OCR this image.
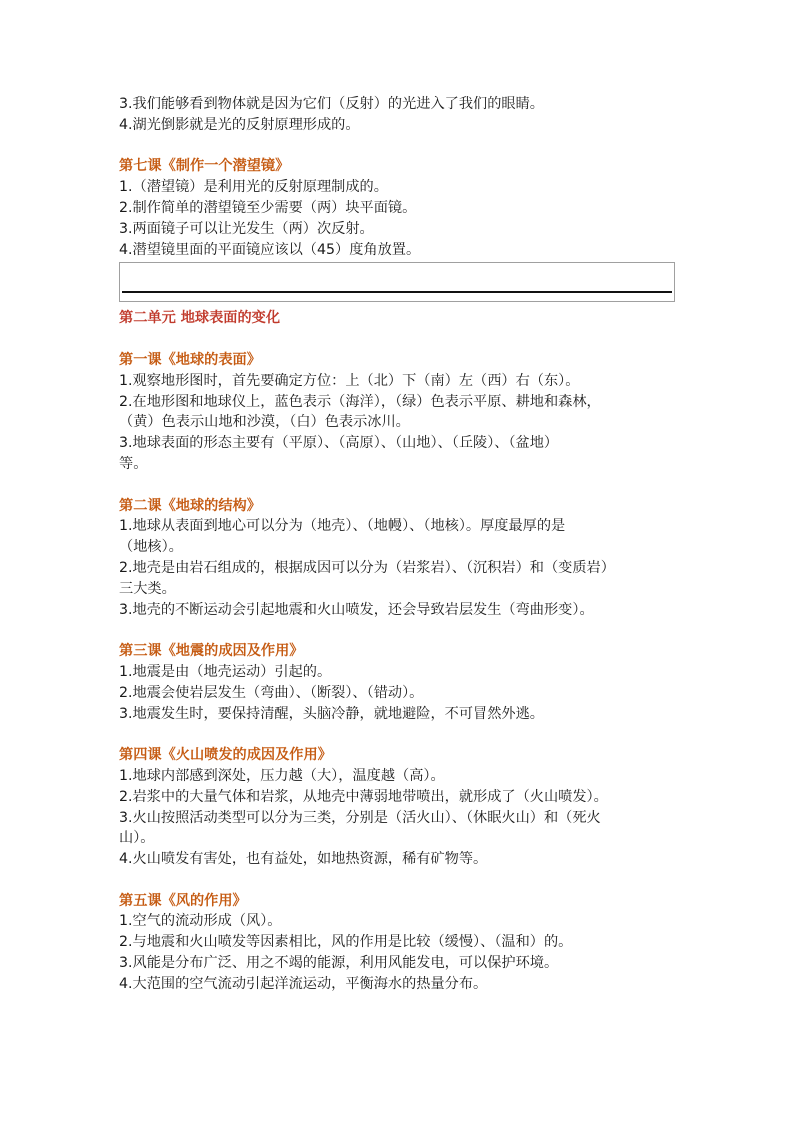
3.我们能够看到物体就是因为它们（反射）的光进入了我们的眼睛。

4.湖光倒影就是光的反射原理形成的。

第七课《制作一个潜望镜》

1.（潜望镜）是利用光的反射原理制成的。

2.制作简单的潜望镜至少需要（两）块平面镜。

3.两面镜子可以让光发生（两）次反射。

4.潜望镜里面的平面镜应该以（45）度角放置。

第二单元 地球表面的变化

第一课《地球的表面》

1.观察地形图时，首先要确定方位：上（北）下（南）左（西）右（东）。

2.在地形图和地球仪上，蓝色表示（海洋），（绿）色表示平原、耕地和森林，

（黄）色表示山地和沙漠，（白）色表示冰川。

3.地球表面的形态主要有（平原）、（高原）、（山地）、（丘陵）、（盆地）

等。

第二课《地球的结构》

1.地球从表面到地心可以分为（地壳）、（地幔）、（地核）。厚度最厚的是

（地核）。

2.地壳是由岩石组成的，根据成因可以分为（岩浆岩）、（沉积岩）和（变质岩）

三大类。

3.地壳的不断运动会引起地震和火山喷发，还会导致岩层发生（弯曲形变）。

第三课《地震的成因及作用》

1.地震是由（地壳运动）引起的。

2.地震会使岩层发生（弯曲）、（断裂）、（错动）。

3.地震发生时，要保持清醒，头脑冷静，就地避险，不可冒然外逃。

第四课《火山喷发的成因及作用》

1.地球内部感到深处，压力越（大），温度越（高）。

2.岩浆中的大量气体和岩浆，从地壳中薄弱地带喷出，就形成了（火山喷发）。

3.火山按照活动类型可以分为三类，分别是（活火山）、（休眠火山）和（死火

山）。

4.火山喷发有害处，也有益处，如地热资源，稀有矿物等。

第五课《风的作用》

1.空气的流动形成（风）。

2.与地震和火山喷发等因素相比，风的作用是比较（缓慢）、（温和）的。

3.风能是分布广泛、用之不竭的能源，利用风能发电，可以保护环境。

4.大范围的空气流动引起洋流运动，平衡海水的热量分布。
